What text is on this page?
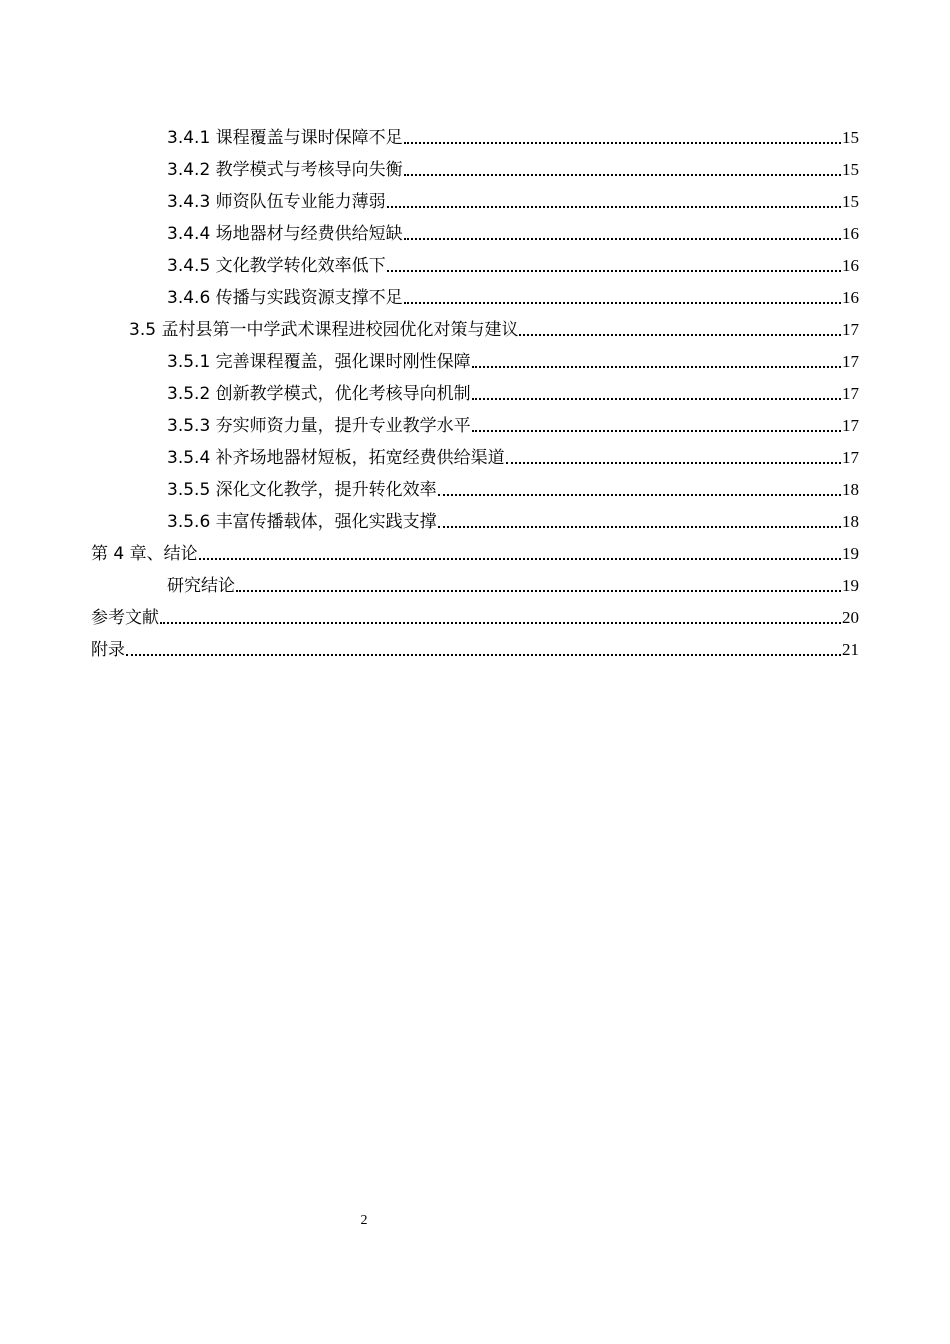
3.4.1 课程覆盖与课时保障不足	15
3.4.2 教学模式与考核导向失衡	15
3.4.3 师资队伍专业能力薄弱	15
3.4.4 场地器材与经费供给短缺	16
3.4.5 文化教学转化效率低下	16
3.4.6 传播与实践资源支撑不足	16
3.5 孟村县第一中学武术课程进校园优化对策与建议	17
3.5.1 完善课程覆盖，强化课时刚性保障	17
3.5.2 创新教学模式，优化考核导向机制	17
3.5.3 夯实师资力量，提升专业教学水平	17
3.5.4 补齐场地器材短板，拓宽经费供给渠道	17
3.5.5 深化文化教学，提升转化效率	18
3.5.6 丰富传播载体，强化实践支撑	18
第 4 章、结论	19
研究结论	19
参考文献	20
附录	21
2
